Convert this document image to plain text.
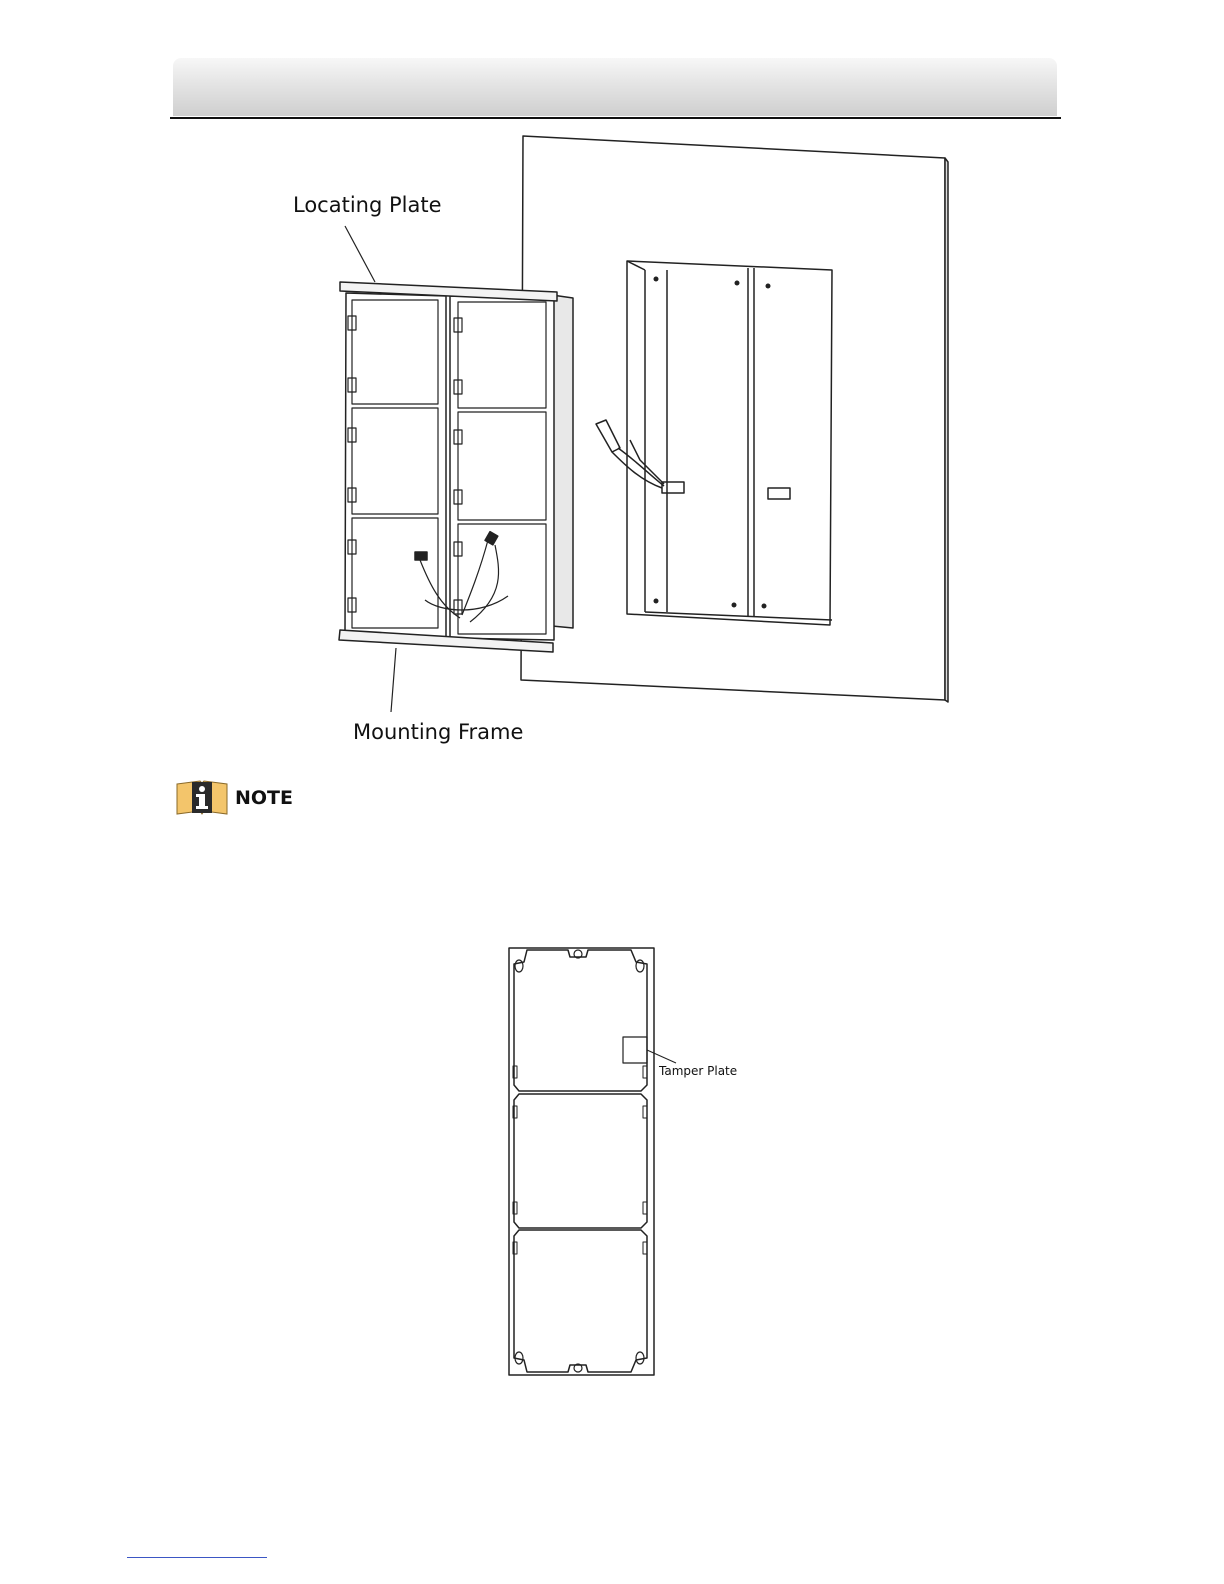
Locating Plate
Mounting Frame
NOTE
Tamper Plate
